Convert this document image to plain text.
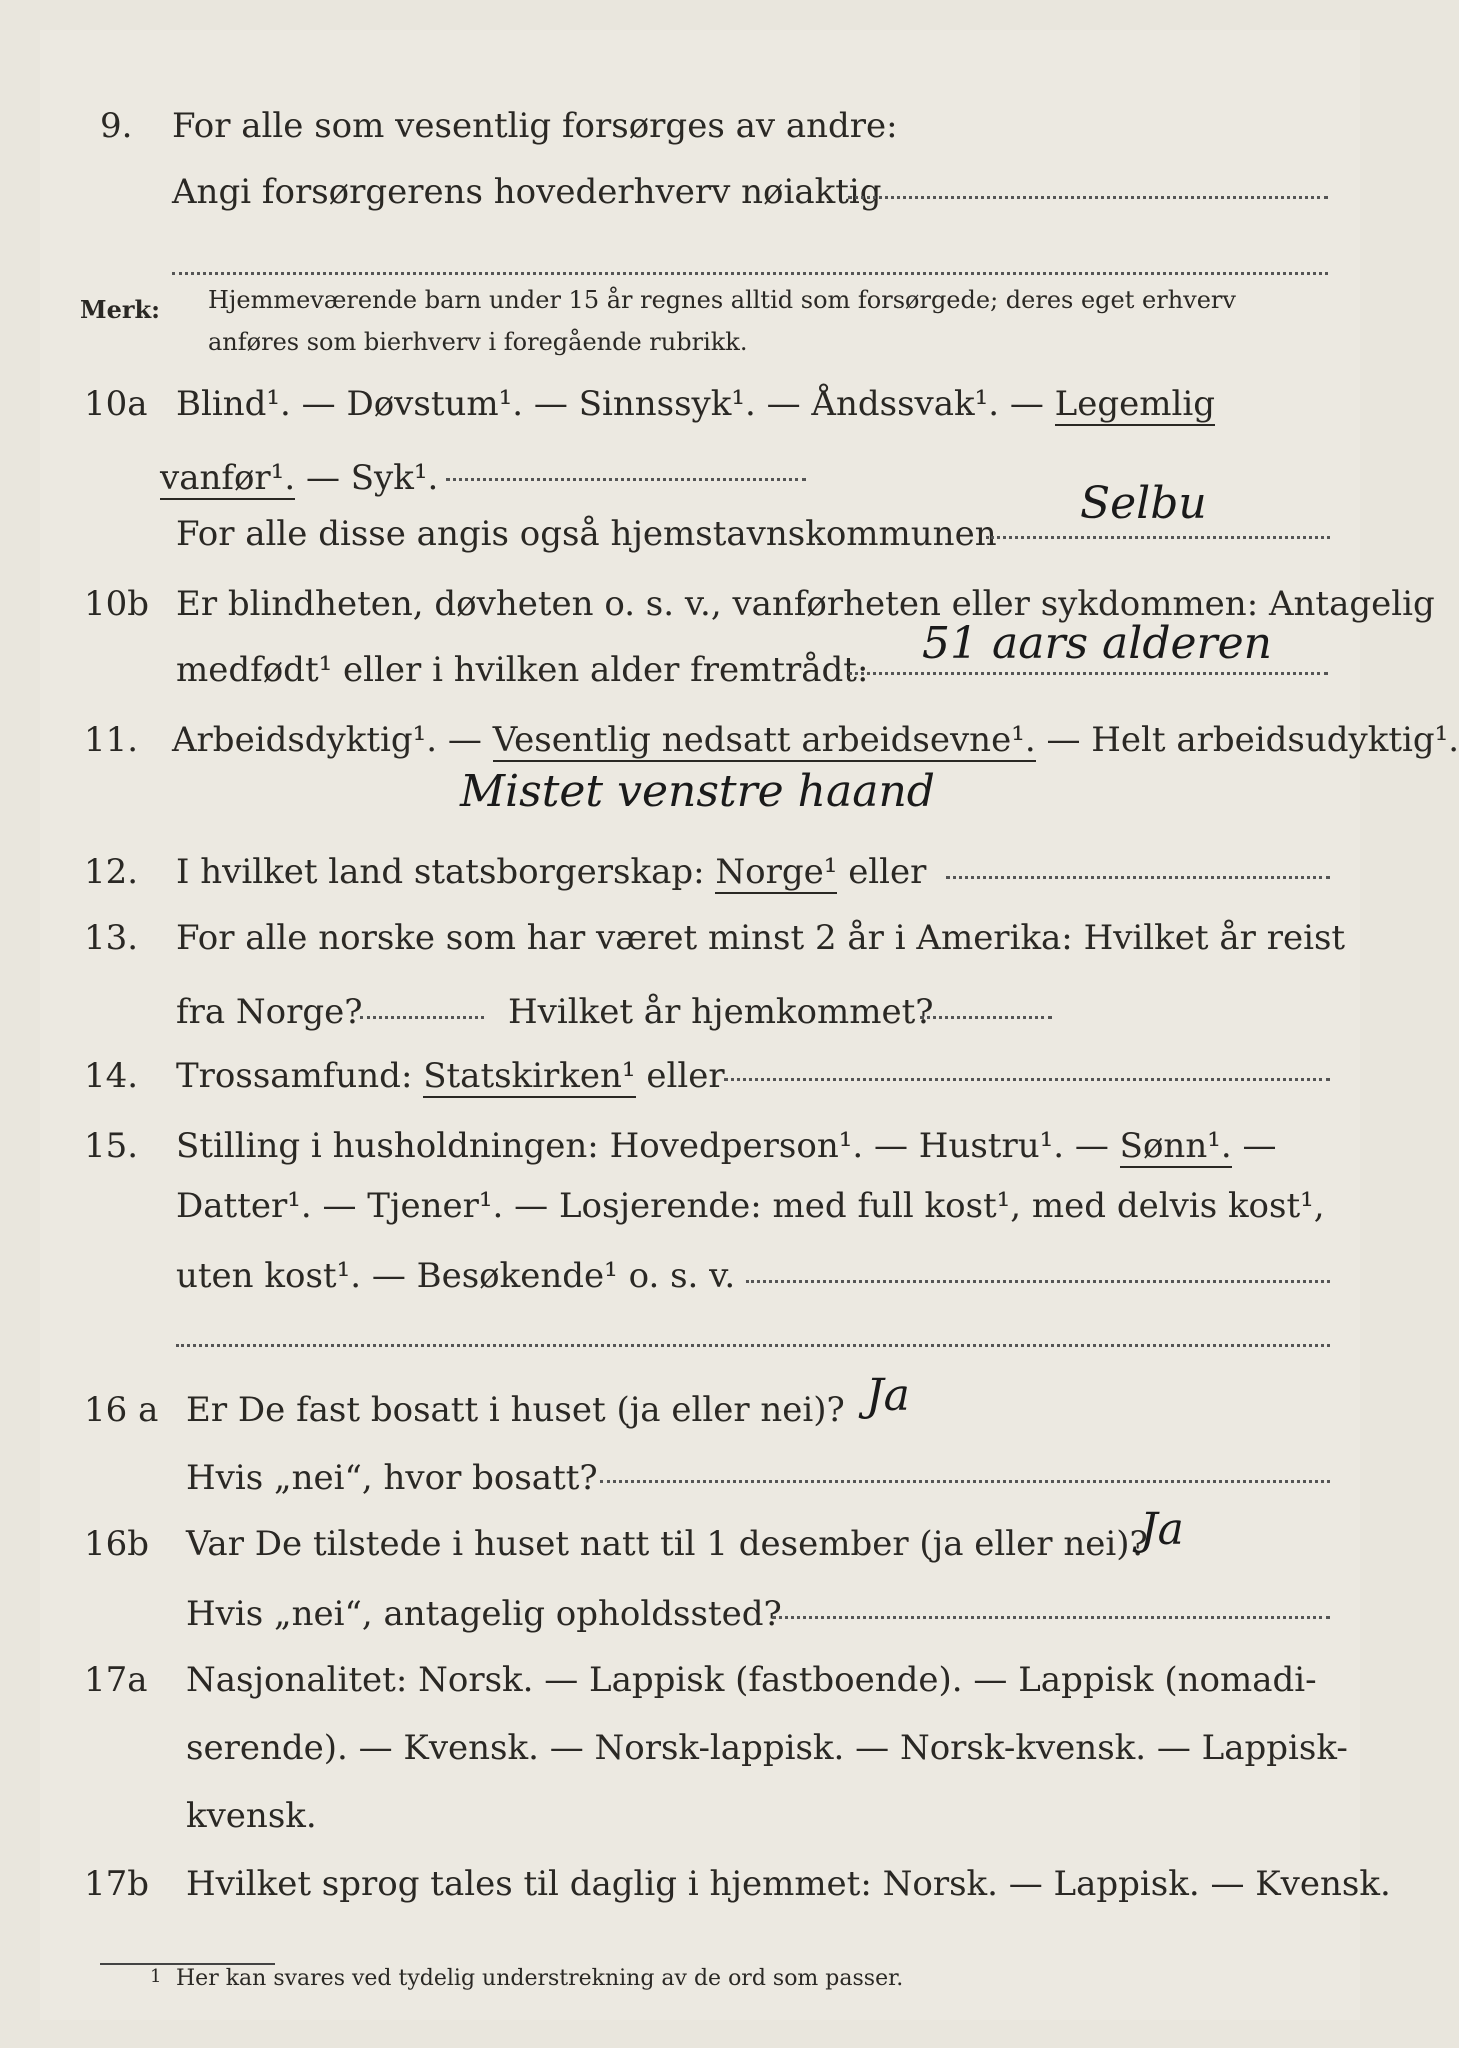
9. For alle som vesentlig forsørges av andre:
Angi forsørgerens hovederhverv nøiaktig
Merk: Hjemmeværende barn under 15 år regnes alltid som forsørgede; deres eget erhverv
anføres som bierhverv i foregående rubrikk.
10a Blind¹. — Døvstum¹. — Sinnssyk¹. — Åndssvak¹. — Legemlig
vanfør¹. — Syk¹.
For alle disse angis også hjemstavnskommunen
Selbu
10b Er blindheten, døvheten o. s. v., vanførheten eller sykdommen: Antagelig
medfødt¹ eller i hvilken alder fremtrådt:
51 aars alderen
11. Arbeidsdyktig¹. — Vesentlig nedsatt arbeidsevne¹. — Helt arbeidsudyktig¹.
Mistet venstre haand
12. I hvilket land statsborgerskap: Norge¹ eller
13. For alle norske som har været minst 2 år i Amerika: Hvilket år reist
fra Norge?	Hvilket år hjemkommet?
14. Trossamfund: Statskirken¹ eller
15. Stilling i husholdningen: Hovedperson¹. — Hustru¹. — Sønn¹. —
Datter¹. — Tjener¹. — Losjerende: med full kost¹, med delvis kost¹,
uten kost¹. — Besøkende¹ o. s. v.
16 a Er De fast bosatt i huset (ja eller nei)? Ja
Hvis „nei“, hvor bosatt?
16b Var De tilstede i huset natt til 1 desember (ja eller nei)?
Ja
Hvis „nei“, antagelig opholdssted?
17a Nasjonalitet: Norsk. — Lappisk (fastboende). — Lappisk (nomadi-
serende). — Kvensk. — Norsk-lappisk. — Norsk-kvensk. — Lappisk-
kvensk.
17b Hvilket sprog tales til daglig i hjemmet: Norsk. — Lappisk. — Kvensk.
1 Her kan svares ved tydelig understrekning av de ord som passer.
